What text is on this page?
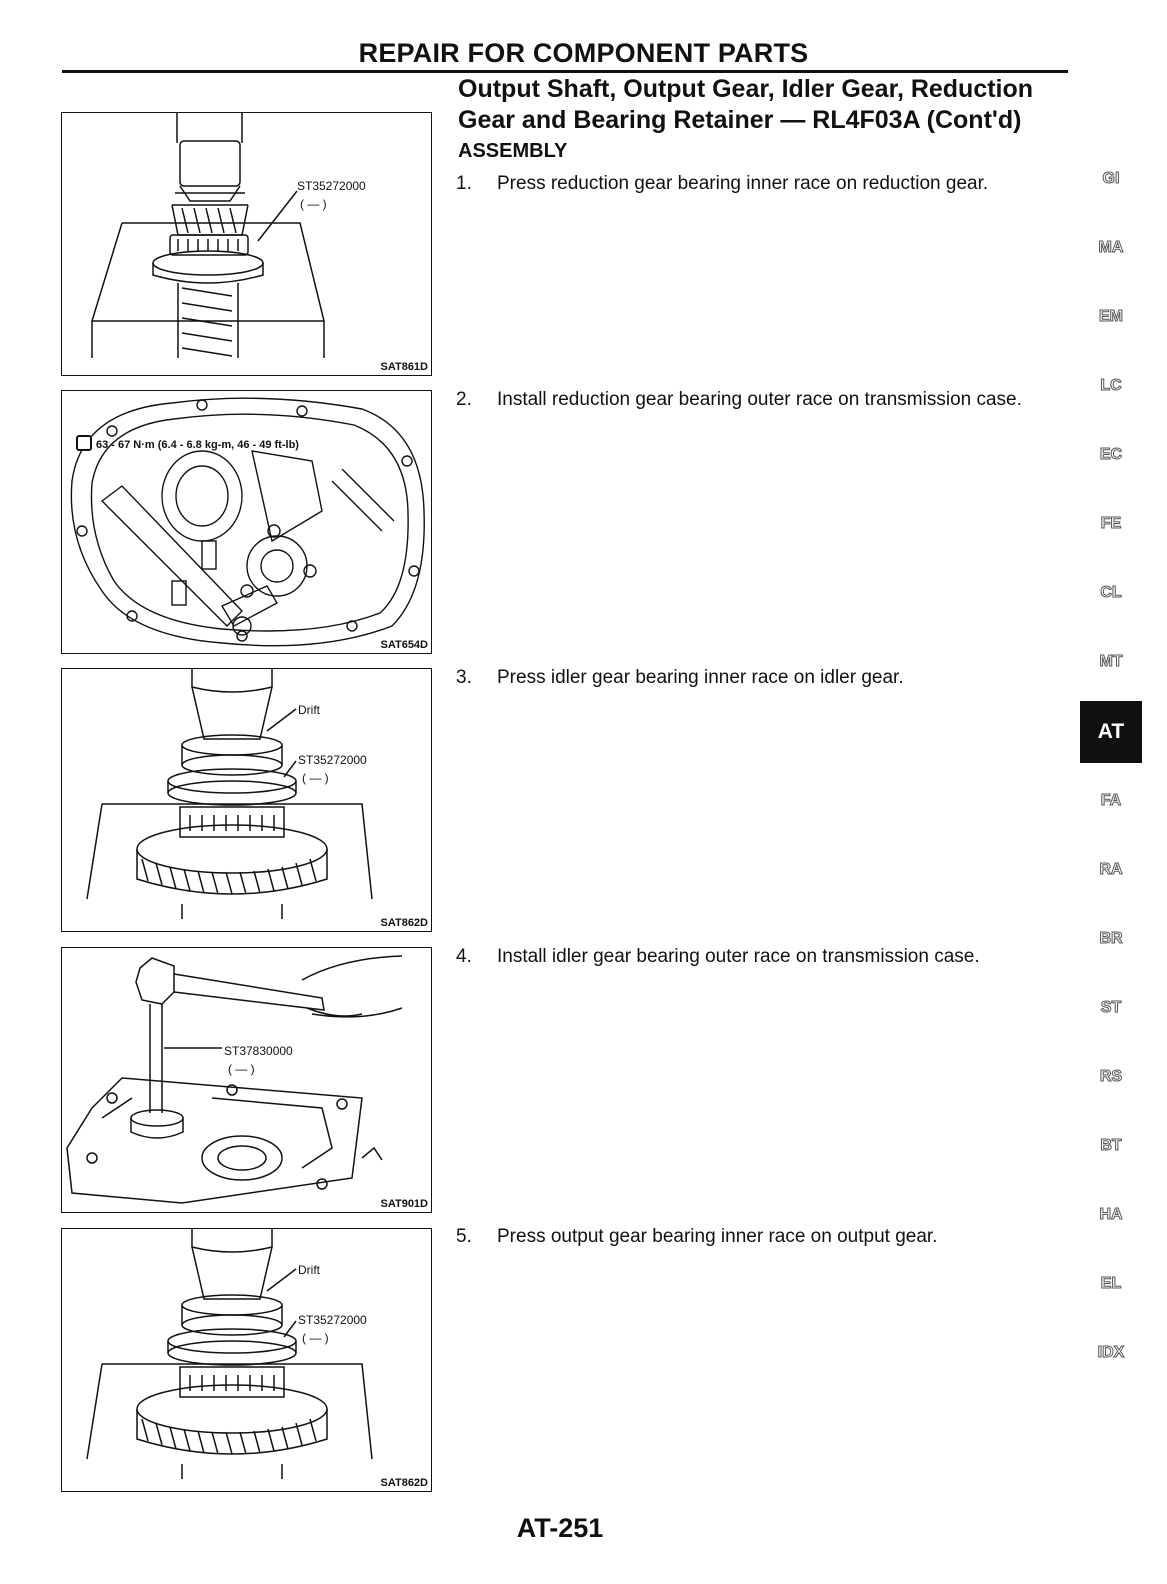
REPAIR FOR COMPONENT PARTS
Output Shaft, Output Gear, Idler Gear, Reduction
Gear and Bearing Retainer — RL4F03A (Cont'd)
ASSEMBLY
1.	Press reduction gear bearing inner race on reduction gear.
2.	Install reduction gear bearing outer race on transmission case.
3.	Press idler gear bearing inner race on idler gear.
4.	Install idler gear bearing outer race on transmission case.
5.	Press output gear bearing inner race on output gear.
ST35272000
( — )
SAT861D
63 - 67 N·m (6.4 - 6.8 kg-m, 46 - 49 ft-lb)
SAT654D
Drift
ST35272000
( — )
SAT862D
ST37830000
( — )
SAT901D
Drift
ST35272000
( — )
SAT862D
GI
MA
EM
LC
EC
FE
CL
MT
AT
FA
RA
BR
ST
RS
BT
HA
EL
IDX
AT-251
